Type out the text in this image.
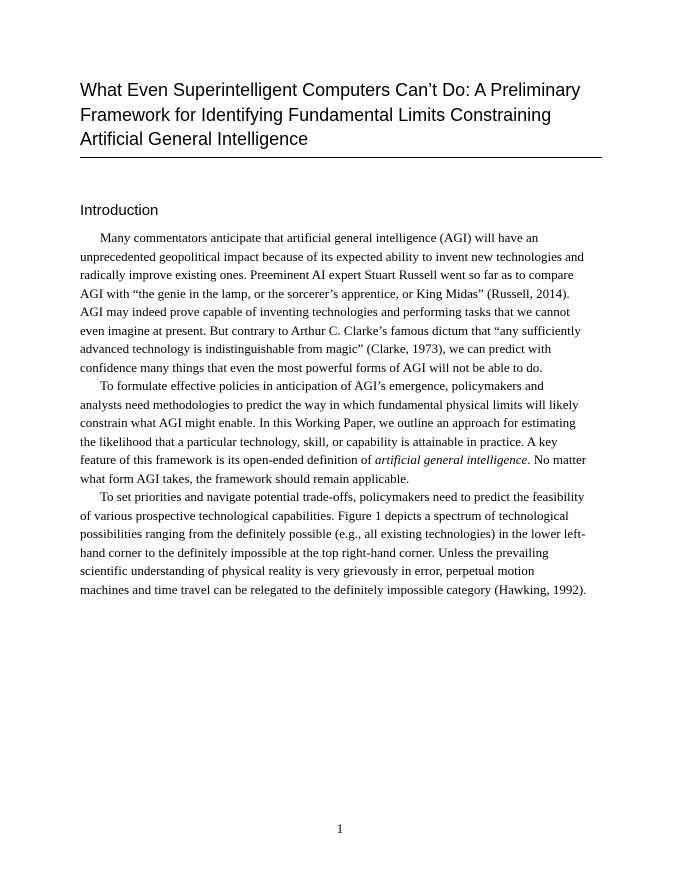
What Even Superintelligent Computers Can’t Do: A Preliminary
Framework for Identifying Fundamental Limits Constraining
Artificial General Intelligence
Introduction
Many commentators anticipate that artificial general intelligence (AGI) will have an
unprecedented geopolitical impact because of its expected ability to invent new technologies and
radically improve existing ones. Preeminent AI expert Stuart Russell went so far as to compare
AGI with “the genie in the lamp, or the sorcerer’s apprentice, or King Midas” (Russell, 2014).
AGI may indeed prove capable of inventing technologies and performing tasks that we cannot
even imagine at present. But contrary to Arthur C. Clarke’s famous dictum that “any sufficiently
advanced technology is indistinguishable from magic” (Clarke, 1973), we can predict with
confidence many things that even the most powerful forms of AGI will not be able to do.
To formulate effective policies in anticipation of AGI’s emergence, policymakers and
analysts need methodologies to predict the way in which fundamental physical limits will likely
constrain what AGI might enable. In this Working Paper, we outline an approach for estimating
the likelihood that a particular technology, skill, or capability is attainable in practice. A key
feature of this framework is its open-ended definition of artificial general intelligence. No matter
what form AGI takes, the framework should remain applicable.
To set priorities and navigate potential trade-offs, policymakers need to predict the feasibility
of various prospective technological capabilities. Figure 1 depicts a spectrum of technological
possibilities ranging from the definitely possible (e.g., all existing technologies) in the lower left-
hand corner to the definitely impossible at the top right-hand corner. Unless the prevailing
scientific understanding of physical reality is very grievously in error, perpetual motion
machines and time travel can be relegated to the definitely impossible category (Hawking, 1992).
1
